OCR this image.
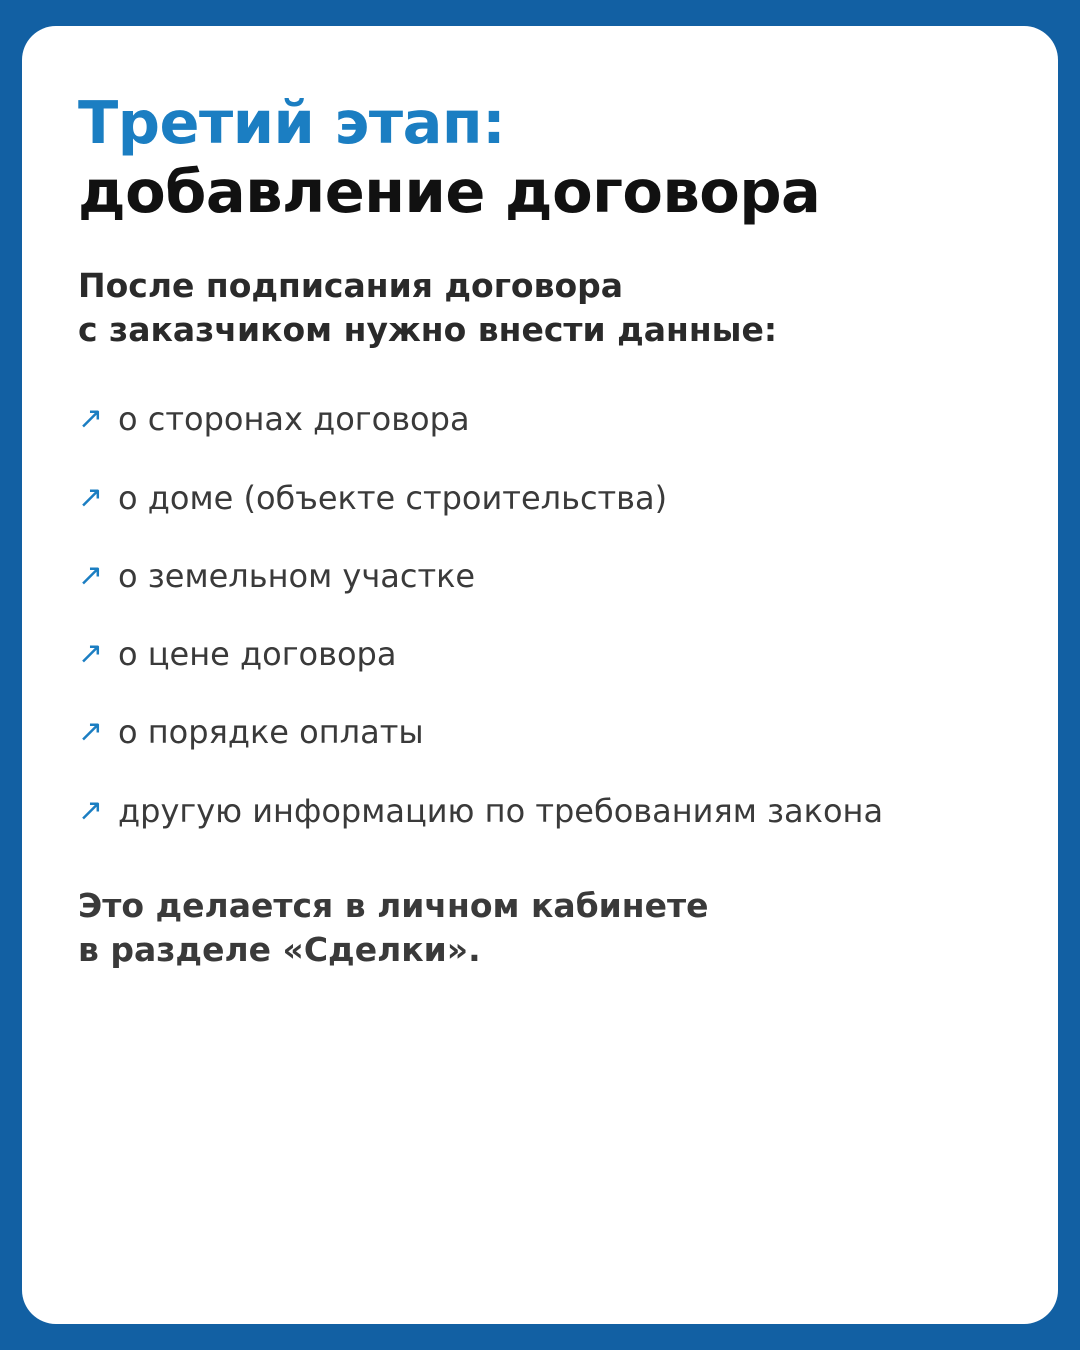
Третий этап:
добавление договора

После подписания договора
с заказчиком нужно внести данные:

↗ о сторонах договора
↗ о доме (объекте строительства)
↗ о земельном участке
↗ о цене договора
↗ о порядке оплаты
↗ другую информацию по требованиям закона

Это делается в личном кабинете
в разделе «Сделки».
